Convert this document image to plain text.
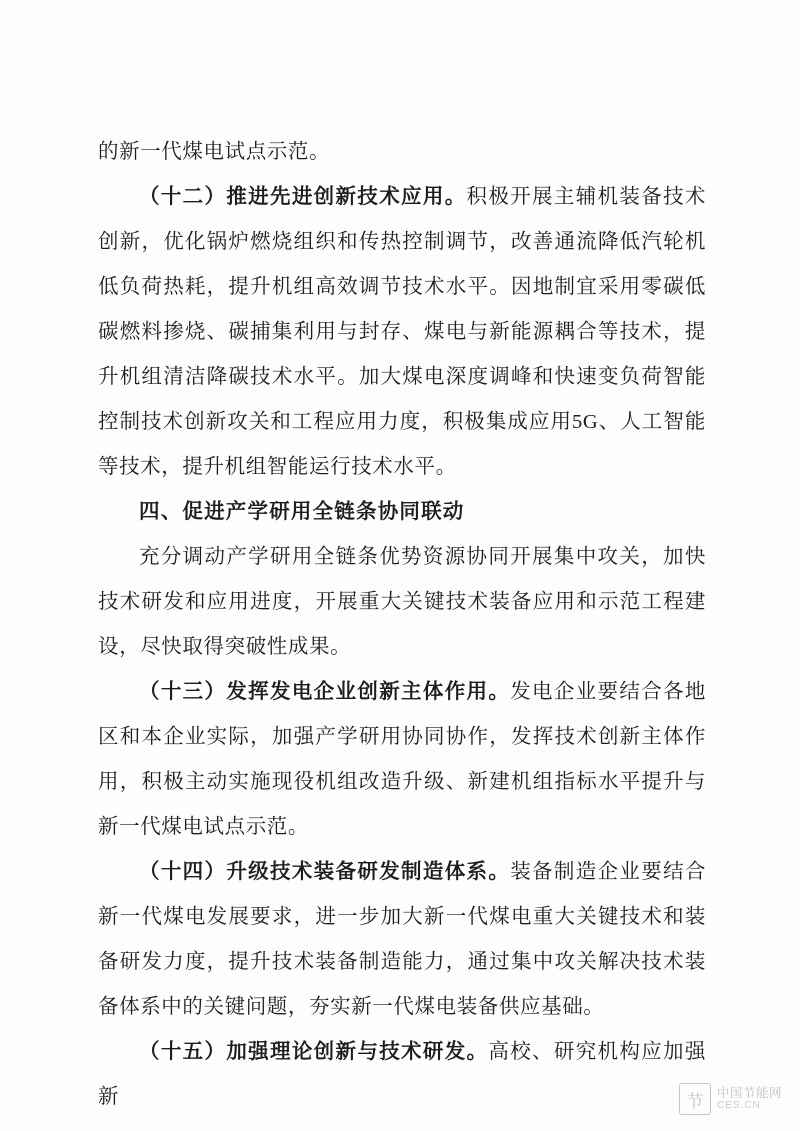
的新一代煤电试点示范。

（十二）推进先进创新技术应用。积极开展主辅机装备技术创新，优化锅炉燃烧组织和传热控制调节，改善通流降低汽轮机低负荷热耗，提升机组高效调节技术水平。因地制宜采用零碳低碳燃料掺烧、碳捕集利用与封存、煤电与新能源耦合等技术，提升机组清洁降碳技术水平。加大煤电深度调峰和快速变负荷智能控制技术创新攻关和工程应用力度，积极集成应用5G、人工智能等技术，提升机组智能运行技术水平。

四、促进产学研用全链条协同联动

充分调动产学研用全链条优势资源协同开展集中攻关，加快技术研发和应用进度，开展重大关键技术装备应用和示范工程建设，尽快取得突破性成果。

（十三）发挥发电企业创新主体作用。发电企业要结合各地区和本企业实际，加强产学研用协同协作，发挥技术创新主体作用，积极主动实施现役机组改造升级、新建机组指标水平提升与新一代煤电试点示范。

（十四）升级技术装备研发制造体系。装备制造企业要结合新一代煤电发展要求，进一步加大新一代煤电重大关键技术和装备研发力度，提升技术装备制造能力，通过集中攻关解决技术装备体系中的关键问题，夯实新一代煤电装备供应基础。

（十五）加强理论创新与技术研发。高校、研究机构应加强新	节	中国节能网
CES.CN
